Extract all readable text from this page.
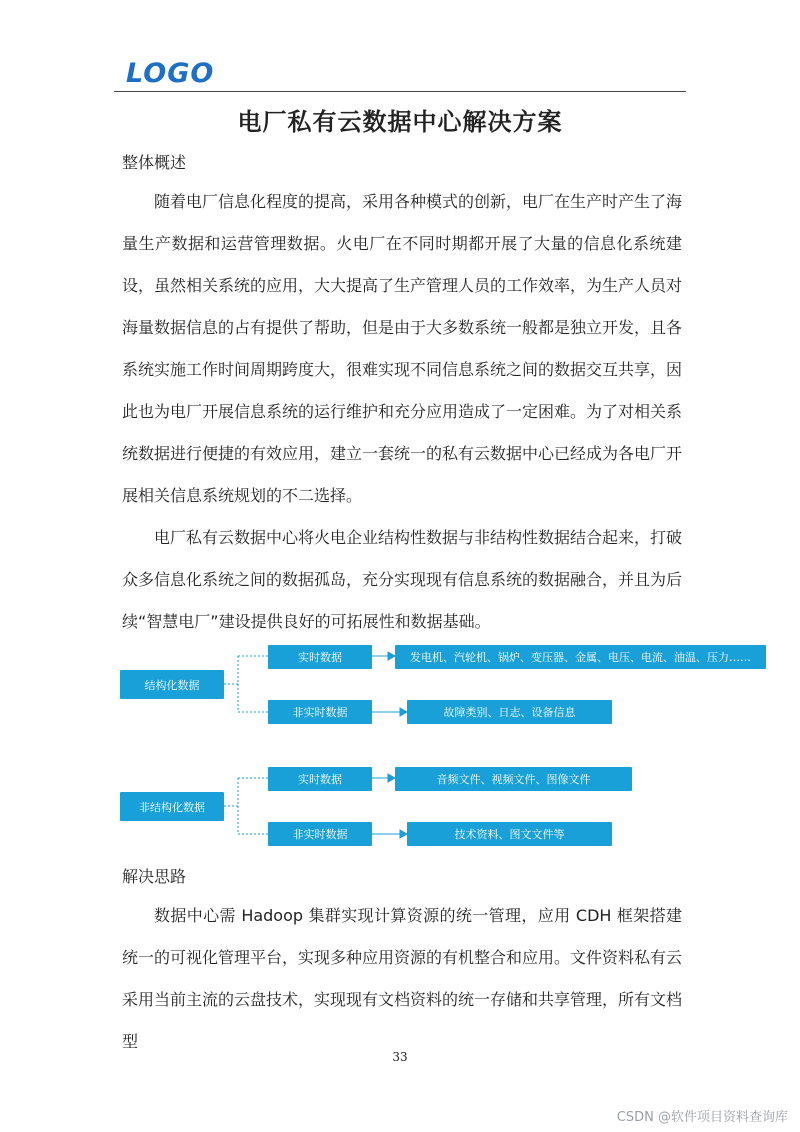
LOGO
电厂私有云数据中心解决方案
整体概述
随着电厂信息化程度的提高，采用各种模式的创新，电厂在生产时产生了海量生产数据和运营管理数据。火电厂在不同时期都开展了大量的信息化系统建设，虽然相关系统的应用，大大提高了生产管理人员的工作效率，为生产人员对海量数据信息的占有提供了帮助，但是由于大多数系统一般都是独立开发，且各系统实施工作时间周期跨度大，很难实现不同信息系统之间的数据交互共享，因此也为电厂开展信息系统的运行维护和充分应用造成了一定困难。为了对相关系统数据进行便捷的有效应用，建立一套统一的私有云数据中心已经成为各电厂开展相关信息系统规划的不二选择。
电厂私有云数据中心将火电企业结构性数据与非结构性数据结合起来，打破众多信息化系统之间的数据孤岛，充分实现现有信息系统的数据融合，并且为后续“智慧电厂”建设提供良好的可拓展性和数据基础。
结构化数据
实时数据	发电机、汽轮机、锅炉、变压器、金属、电压、电流、油温、压力……
非实时数据	故障类别、日志、设备信息
非结构化数据
实时数据	音频文件、视频文件、图像文件
非实时数据	技术资料、图文文件等
解决思路
数据中心需 Hadoop 集群实现计算资源的统一管理，应用 CDH 框架搭建统一的可视化管理平台，实现多种应用资源的有机整合和应用。文件资料私有云采用当前主流的云盘技术，实现现有文档资料的统一存储和共享管理，所有文档型
33
CSDN @软件项目资料查询库
